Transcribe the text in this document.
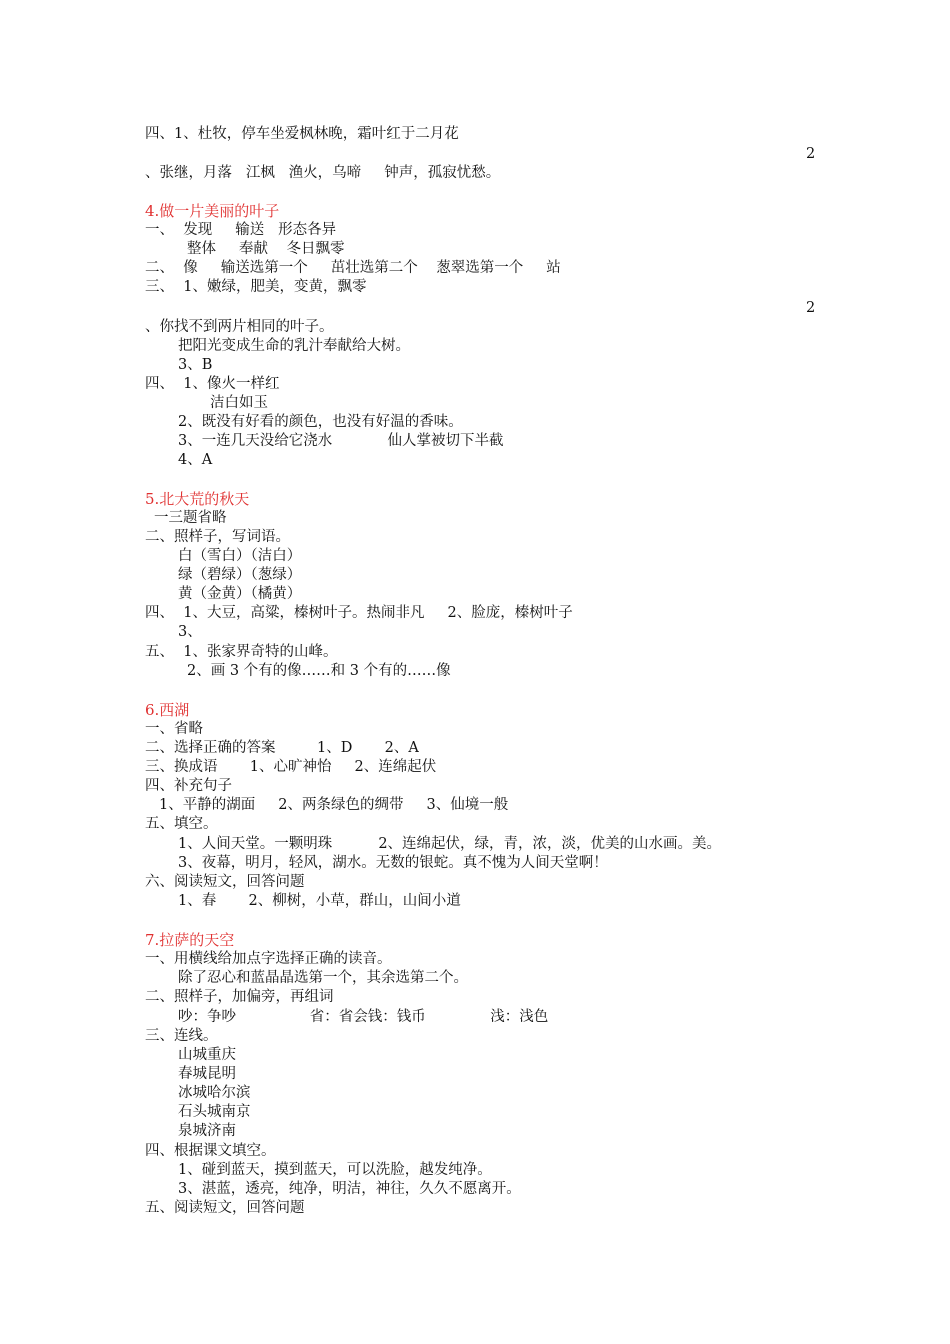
四、1、杜牧，停车坐爱枫林晚，霜叶红于二月花
、张继，月落   江枫   渔火，乌啼     钟声，孤寂忧愁。
4.做一片美丽的叶子
一、  发现     输送   形态各异
整体     奉献    冬日飘零
二、  像     输送选第一个     茁壮选第二个    葱翠选第一个     站
三、  1、嫩绿，肥美，变黄，飘零
、你找不到两片相同的叶子。
把阳光变成生命的乳汁奉献给大树。
3、B
四、  1、像火一样红
洁白如玉
2、既没有好看的颜色，也没有好温的香味。
3、一连几天没给它浇水            仙人掌被切下半截
4、A
5.北大荒的秋天
一三题省略
二、照样子，写词语。
白（雪白）（洁白）
绿（碧绿）（葱绿）
黄（金黄）（橘黄）
四、  1、大豆，高粱，榛树叶子。热闹非凡     2、脸庞，榛树叶子
3、
五、  1、张家界奇特的山峰。
2、画 3 个有的像……和 3 个有的……像
6.西湖
一、省略
二、选择正确的答案         1、D       2、A
三、换成语       1、心旷神怡     2、连绵起伏
四、补充句子
1、平静的湖面     2、两条绿色的绸带     3、仙境一般
五、填空。
1、人间天堂。一颗明珠          2、连绵起伏，绿，青，浓，淡，优美的山水画。美。
3、夜幕，明月，轻风，湖水。无数的银蛇。真不愧为人间天堂啊！
六、阅读短文，回答问题
1、春       2、柳树，小草，群山，山间小道
7.拉萨的天空
一、用横线给加点字选择正确的读音。
除了忍心和蓝晶晶选第一个，其余选第二个。
二、照样子，加偏旁，再组词
吵：争吵                省：省会钱：钱币              浅：浅色
三、连线。
山城重庆
春城昆明
冰城哈尔滨
石头城南京
泉城济南
四、根据课文填空。
1、碰到蓝天，摸到蓝天，可以洗脸，越发纯净。
3、湛蓝，透亮，纯净，明洁，神往，久久不愿离开。
五、阅读短文，回答问题
2
2
